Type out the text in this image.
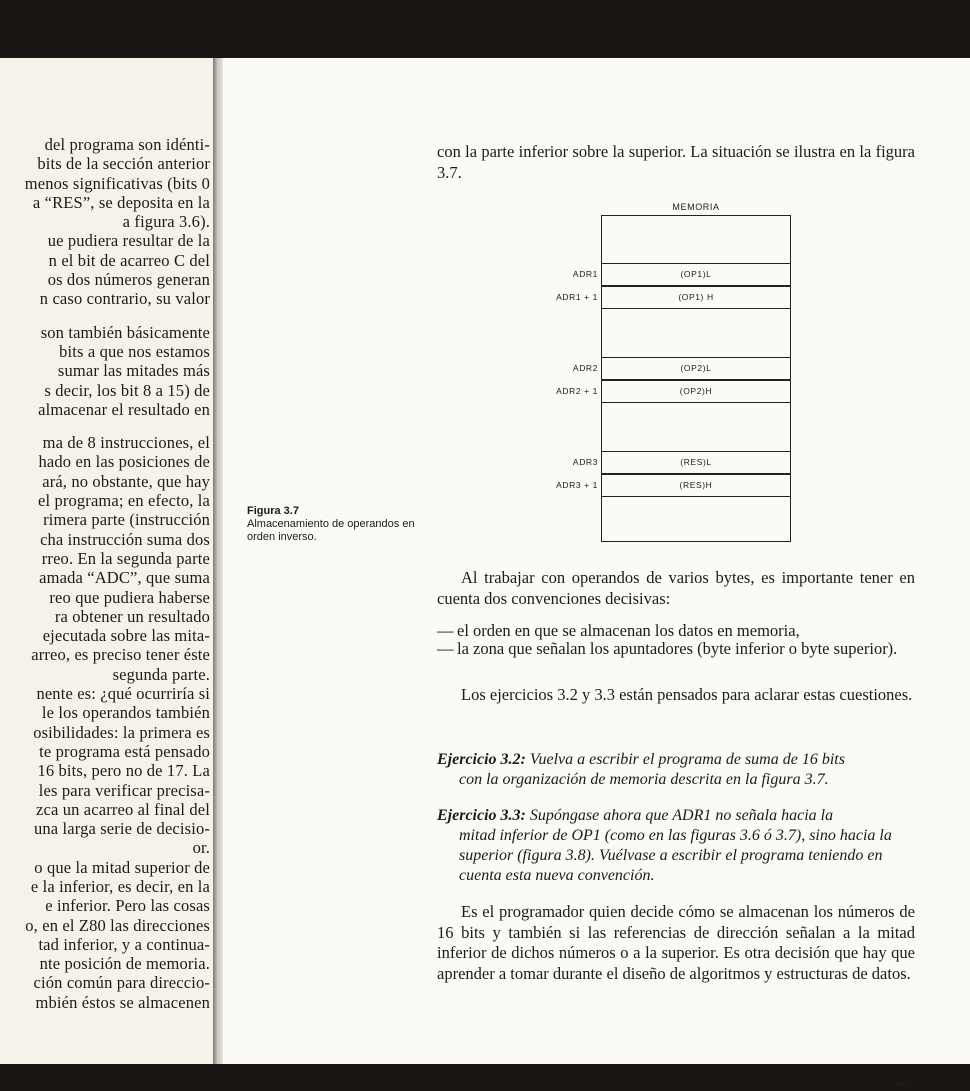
del programa son idénti-
bits de la sección anterior
menos significativas (bits 0
a “RES”, se deposita en la
a figura 3.6).
ue pudiera resultar de la
n el bit de acarreo C del
os dos números generan
n caso contrario, su valor
son también básicamente
bits a que nos estamos
sumar las mitades más
s decir, los bit 8 a 15) de
almacenar el resultado en
ma de 8 instrucciones, el
hado en las posiciones de
ará, no obstante, que hay
el programa; en efecto, la
rimera parte (instrucción
cha instrucción suma dos
rreo. En la segunda parte
amada “ADC”, que suma
reo que pudiera haberse
ra obtener un resultado
ejecutada sobre las mita-
arreo, es preciso tener éste
segunda parte.
nente es: ¿qué ocurriría si
le los operandos también
osibilidades: la primera es
te programa está pensado
16 bits, pero no de 17. La
les para verificar precisa-
zca un acarreo al final del
una larga serie de decisio-
or.
o que la mitad superior de
e la inferior, es decir, en la
e inferior. Pero las cosas
o, en el Z80 las direcciones
tad inferior, y a continua-
nte posición de memoria.
ción común para direccio-
mbién éstos se almacenen

con la parte inferior sobre la superior. La situación se ilustra en la figura 3.7.

Figura 3.7
Almacenamiento de operandos en orden inverso.
MEMORIA
(OP1)L
(OP1) H
(OP2)L
(OP2)H
(RES)L
(RES)H
ADR1
ADR1 + 1
ADR2
ADR2 + 1
ADR3
ADR3 + 1

Al trabajar con operandos de varios bytes, es importante tener en cuenta dos convenciones decisivas:

— el orden en que se almacenan los datos en memoria,
— la zona que señalan los apuntadores (byte inferior o byte superior).

Los ejercicios 3.2 y 3.3 están pensados para aclarar estas cuestiones.

Ejercicio 3.2: Vuelva a escribir el programa de suma de 16 bits
con la organización de memoria descrita en la figura 3.7.

Ejercicio 3.3: Supóngase ahora que ADR1 no señala hacia la
mitad inferior de OP1 (como en las figuras 3.6 ó 3.7), sino hacia la superior (figura 3.8). Vuélvase a escribir el programa teniendo en cuenta esta nueva convención.

Es el programador quien decide cómo se almacenan los números de 16 bits y también si las referencias de dirección señalan a la mitad inferior de dichos números o a la superior. Es otra decisión que hay que aprender a tomar durante el diseño de algoritmos y estructuras de datos.
